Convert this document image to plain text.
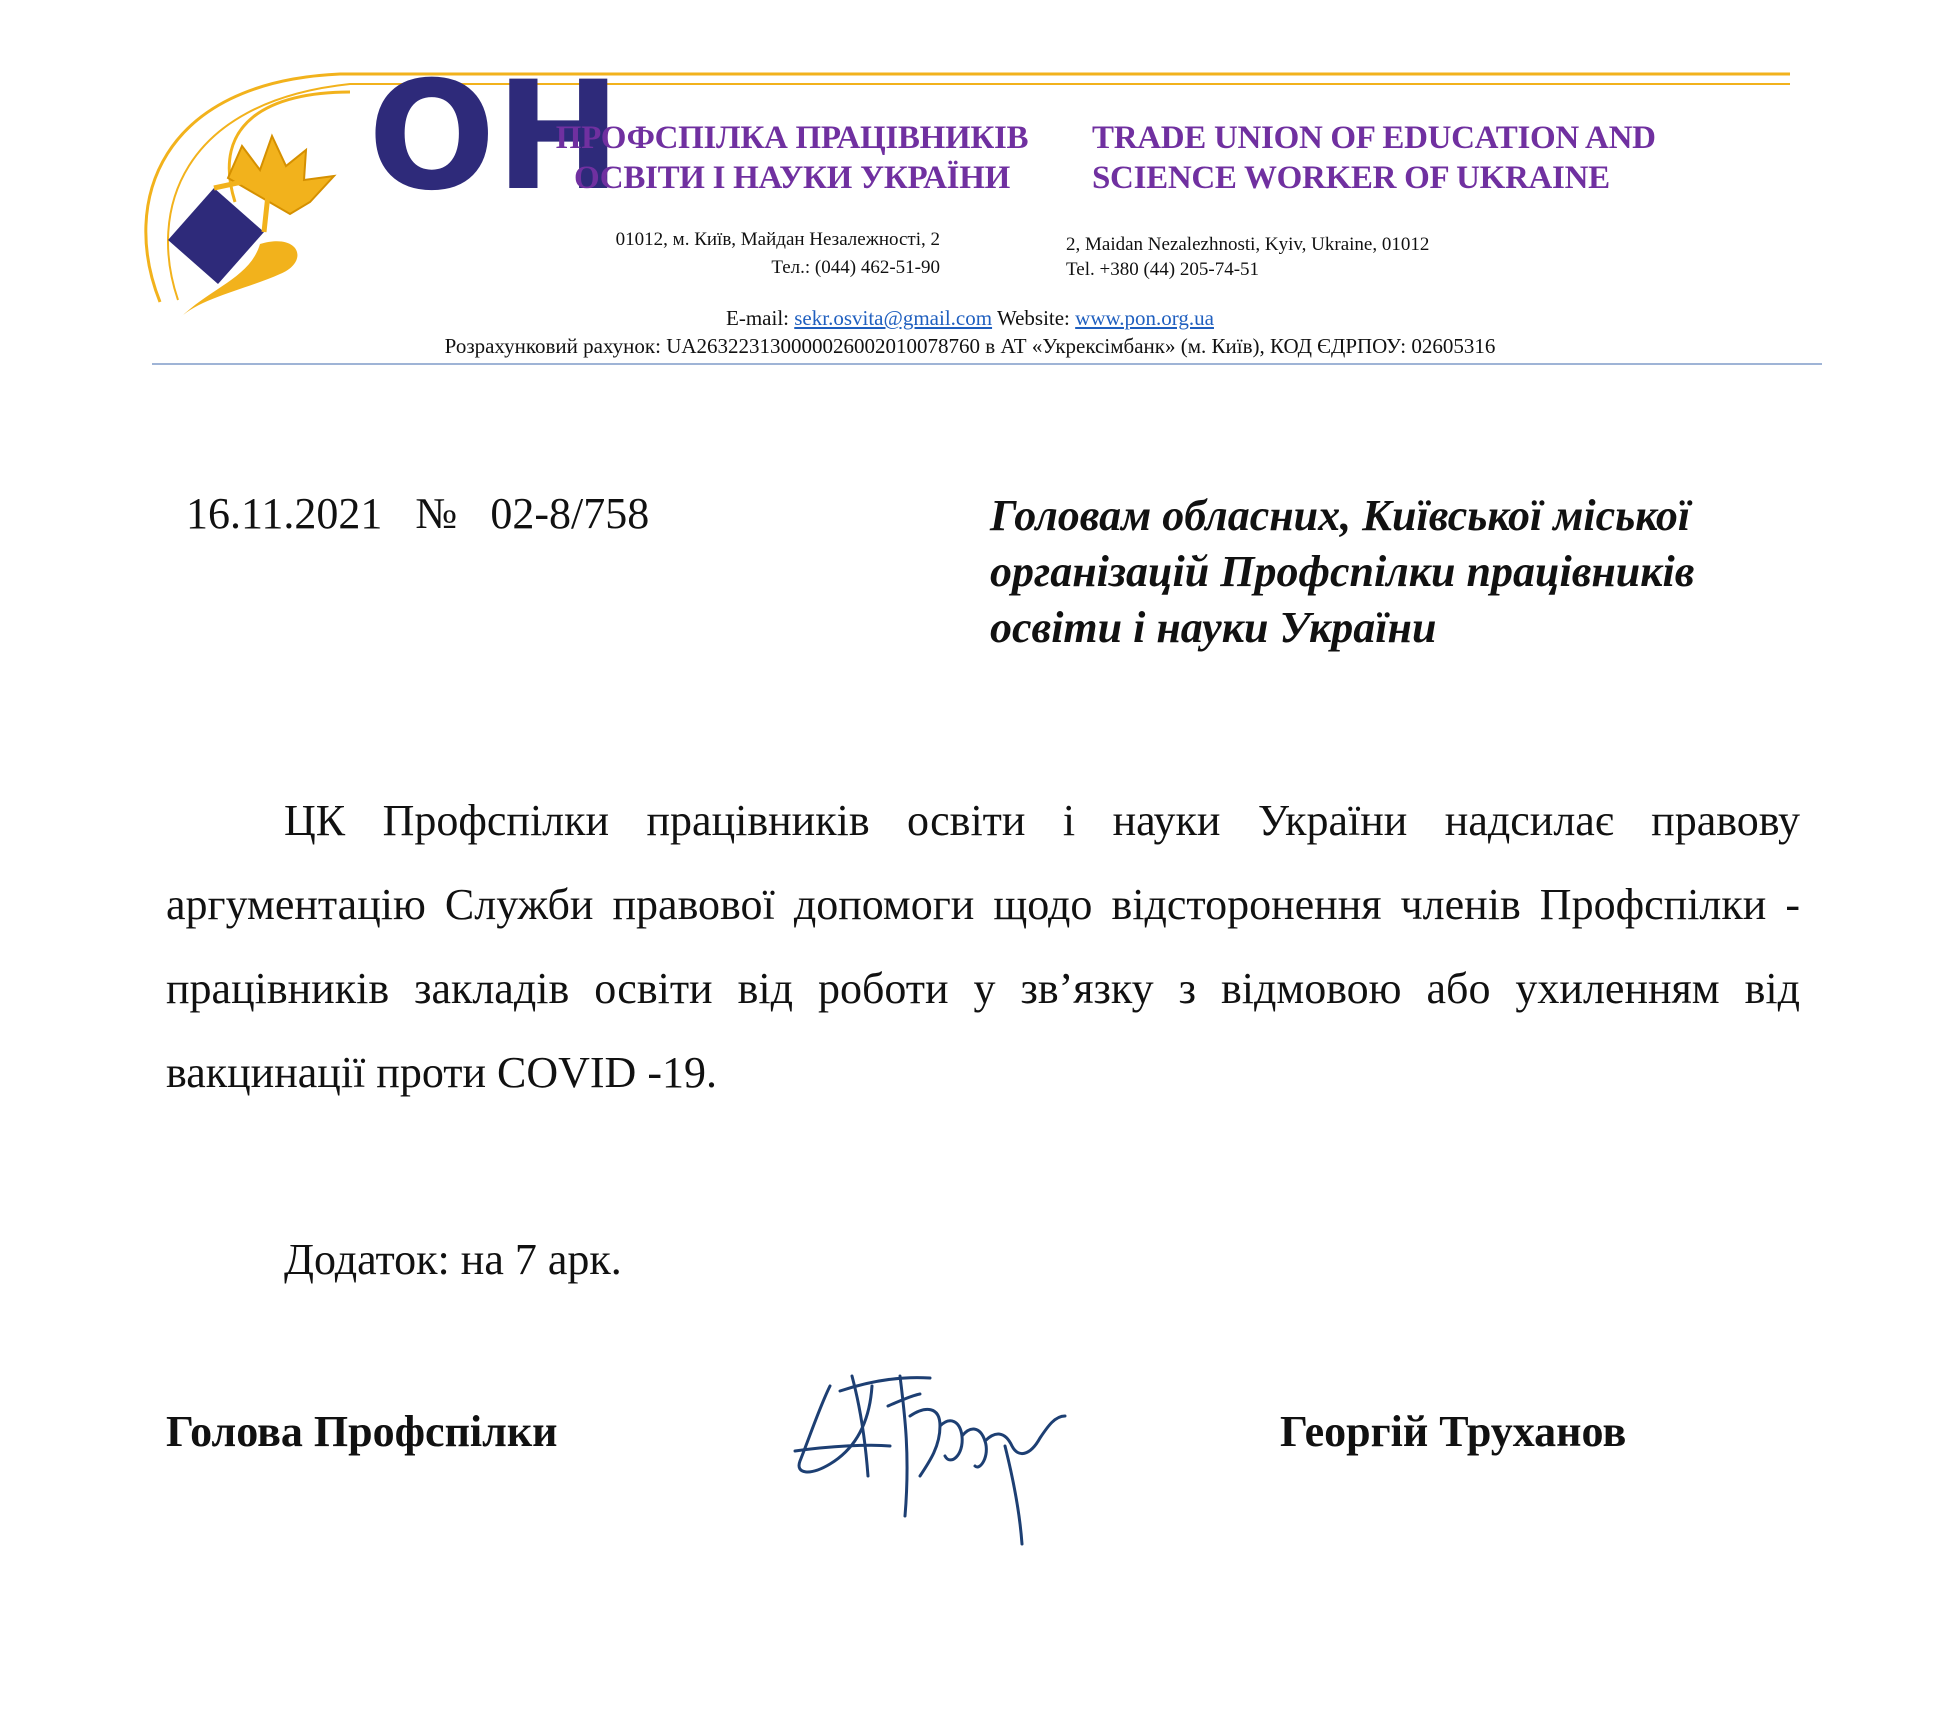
ОН
ПРОФСПІЛКА ПРАЦІВНИКІВ
ОСВІТИ І НАУКИ УКРАЇНИ
TRADE UNION OF EDUCATION AND
SCIENCE WORKER OF UKRAINE
01012, м. Київ, Майдан Незалежності, 2
Тел.: (044) 462-51-90
2, Maidan Nezalezhnosti, Kyiv, Ukraine, 01012
Tel. +380 (44) 205-74-51
E-mail: sekr.osvita@gmail.com Website: www.pon.org.ua
Розрахунковий рахунок: UA263223130000026002010078760 в АТ «Укрексімбанк» (м. Київ), КОД ЄДРПОУ: 02605316
16.11.2021 № 02-8/758	Головам обласних, Київської міської
організацій Профспілки працівників
освіти і науки України
ЦК Профспілки працівників освіти і науки України надсилає правову аргументацію Служби правової допомоги щодо відсторонення членів Профспілки - працівників закладів освіти від роботи у зв’язку з відмовою або ухиленням від вакцинації проти COVID -19.
Додаток: на 7 арк.
Голова Профспілки	Георгій Труханов
